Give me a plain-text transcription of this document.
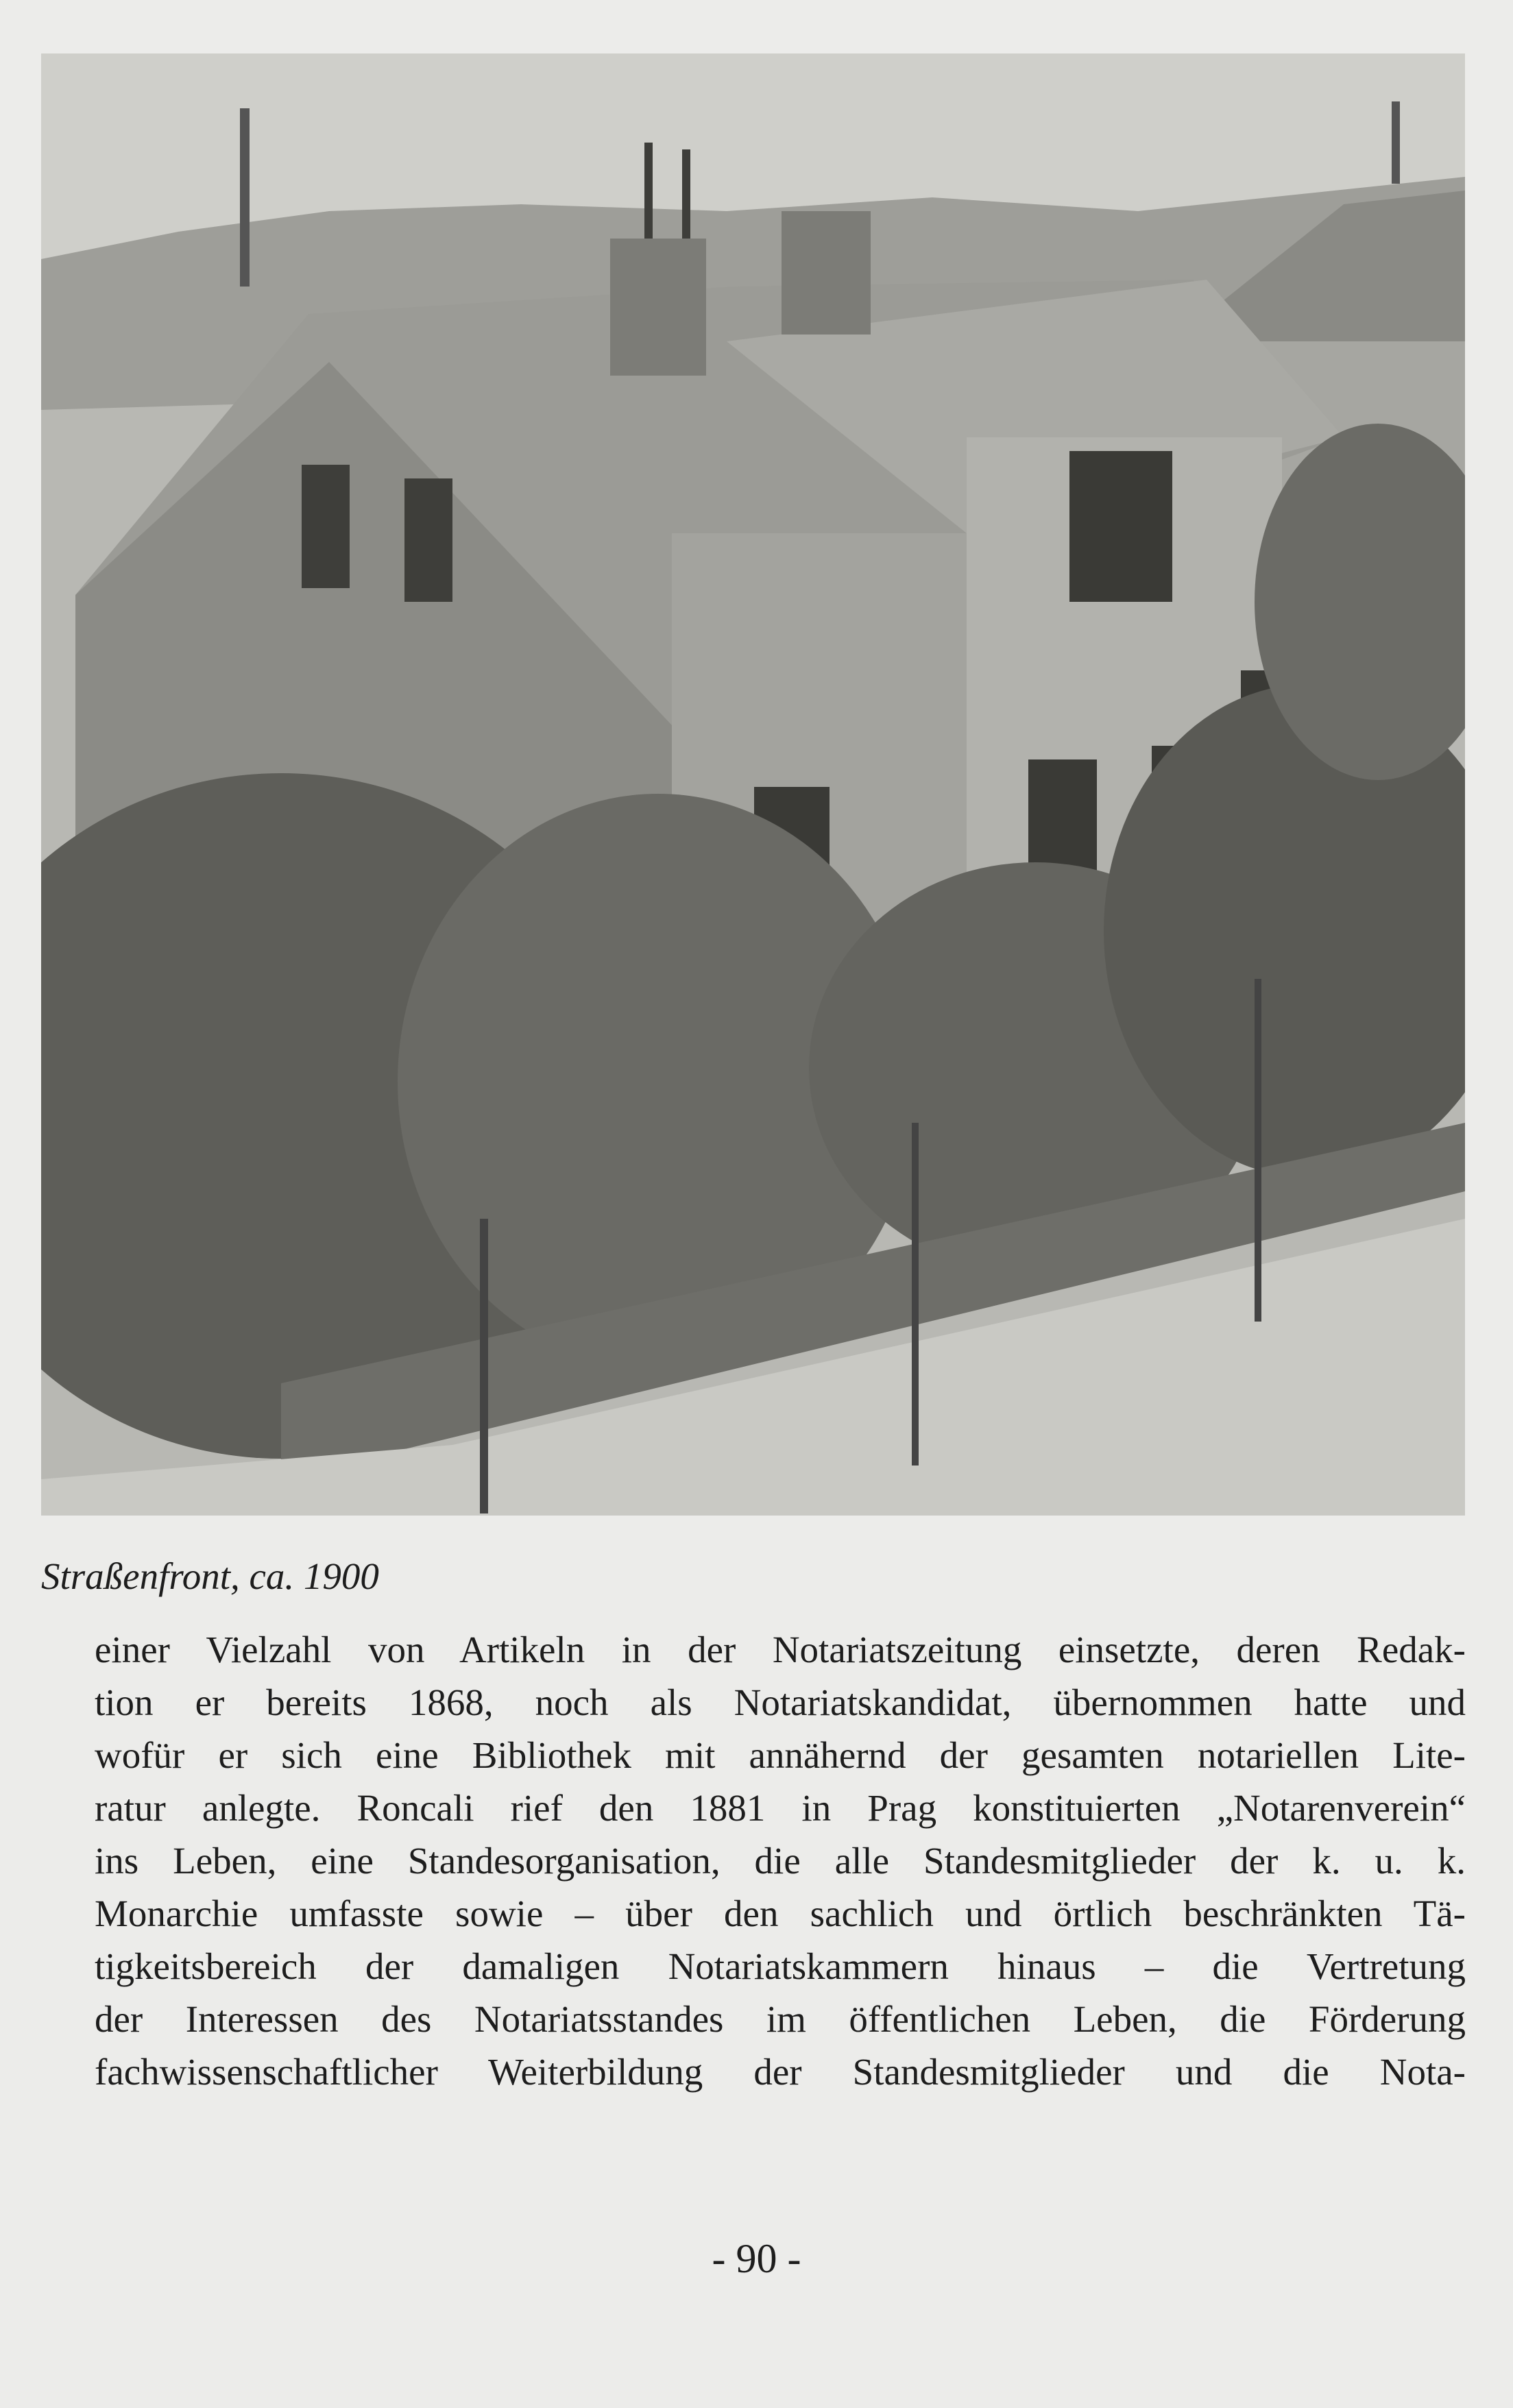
Straßenfront, ca. 1900
einer Vielzahl von Artikeln in der Notariatszeitung einsetzte, deren Redak-
tion er bereits 1868, noch als Notariatskandidat, übernommen hatte und
wofür er sich eine Bibliothek mit annähernd der gesamten notariellen Lite-
ratur anlegte. Roncali rief den 1881 in Prag konstituierten „Notarenverein“
ins Leben, eine Standesorganisation, die alle Standesmitglieder der k. u. k.
Monarchie umfasste sowie – über den sachlich und örtlich beschränkten Tä-
tigkeitsbereich der damaligen Notariatskammern hinaus – die Vertretung
der Interessen des Notariatsstandes im öffentlichen Leben, die Förderung
fachwissenschaftlicher Weiterbildung der Standesmitglieder und die Nota-
- 90 -
